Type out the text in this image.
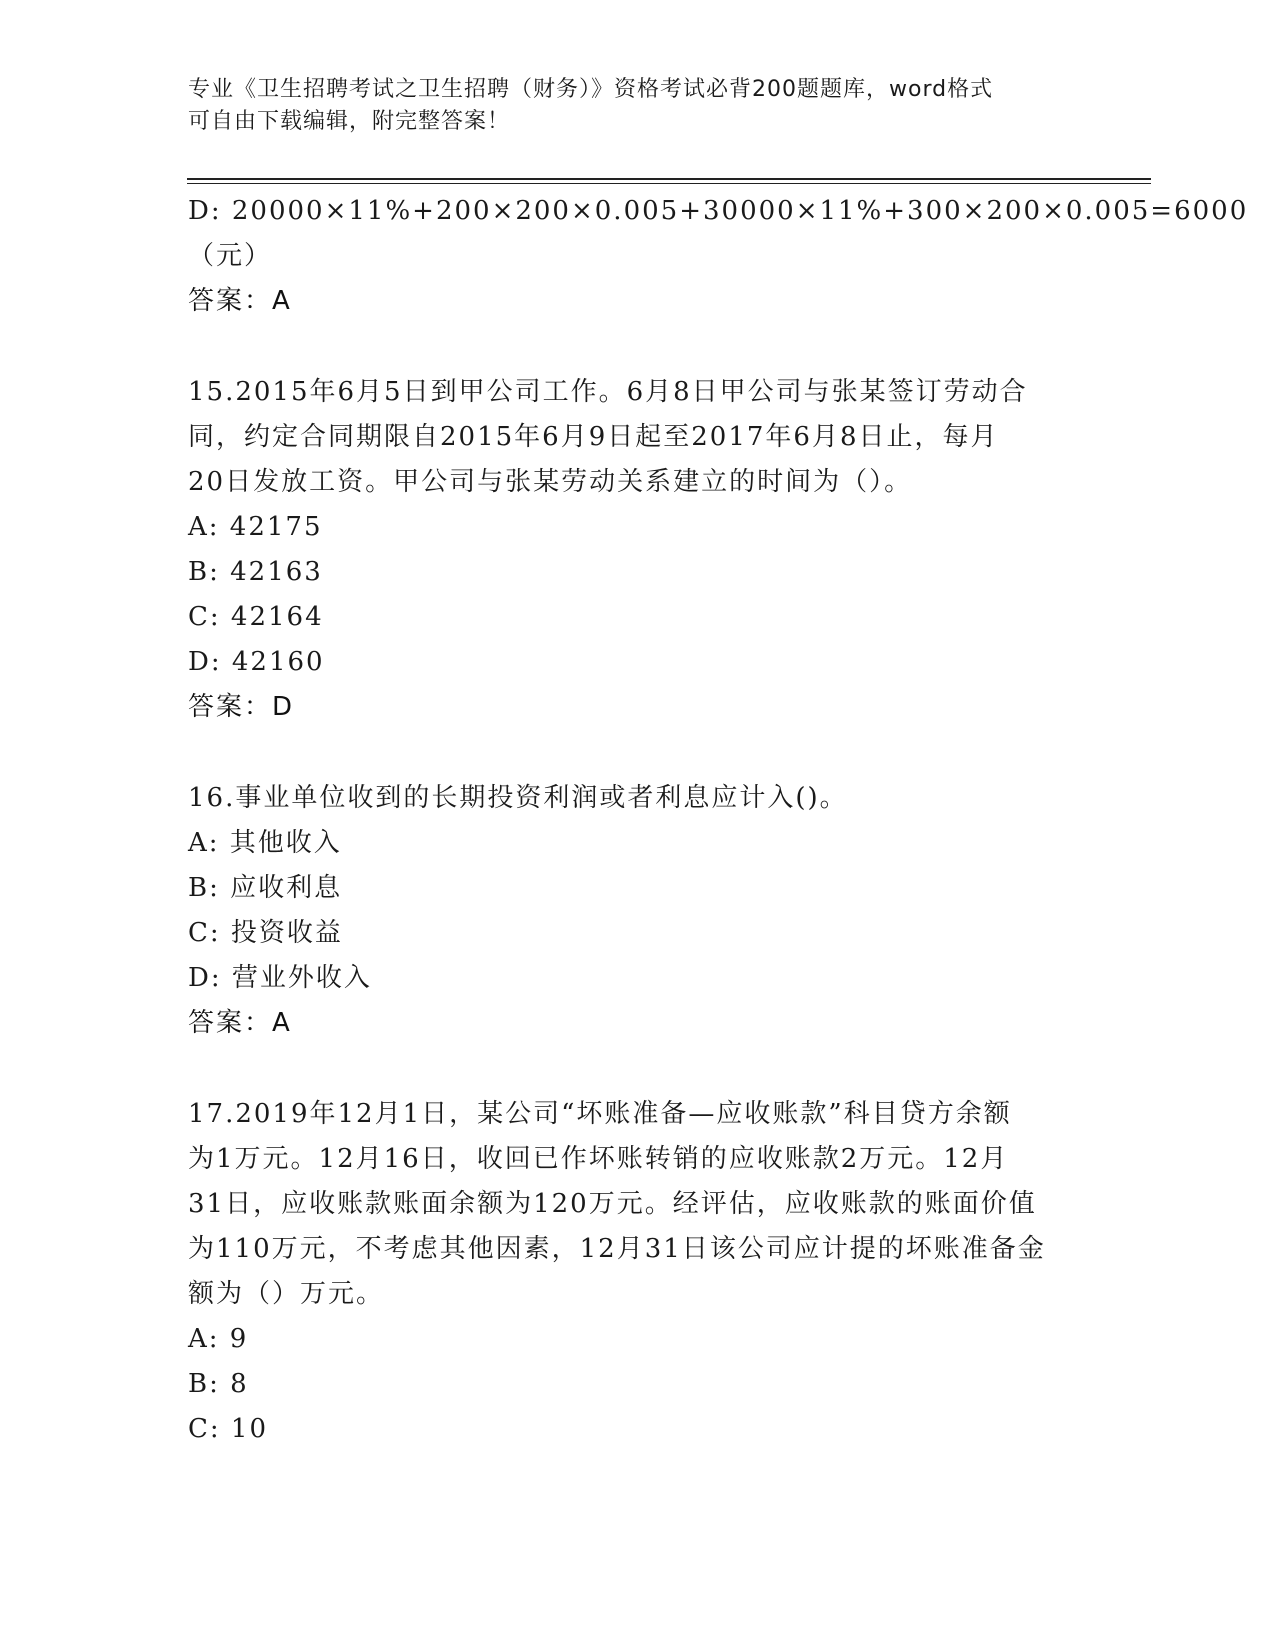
专业《卫生招聘考试之卫生招聘（财务）》资格考试必背200题题库，word格式
可自由下载编辑，附完整答案！
D: 20000×11%+200×200×0.005+30000×11%+300×200×0.005=6000
（元）
答案：A
15.2015年6月5日到甲公司工作。6月8日甲公司与张某签订劳动合
同，约定合同期限自2015年6月9日起至2017年6月8日止，每月
20日发放工资。甲公司与张某劳动关系建立的时间为（）。
A: 42175
B: 42163
C: 42164
D: 42160
答案：D
16.事业单位收到的长期投资利润或者利息应计入()。
A: 其他收入
B: 应收利息
C: 投资收益
D: 营业外收入
答案：A
17.2019年12月1日，某公司“坏账准备—应收账款”科目贷方余额
为1万元。12月16日，收回已作坏账转销的应收账款2万元。12月
31日，应收账款账面余额为120万元。经评估，应收账款的账面价值
为110万元，不考虑其他因素，12月31日该公司应计提的坏账准备金
额为（）万元。
A: 9
B: 8
C: 10
